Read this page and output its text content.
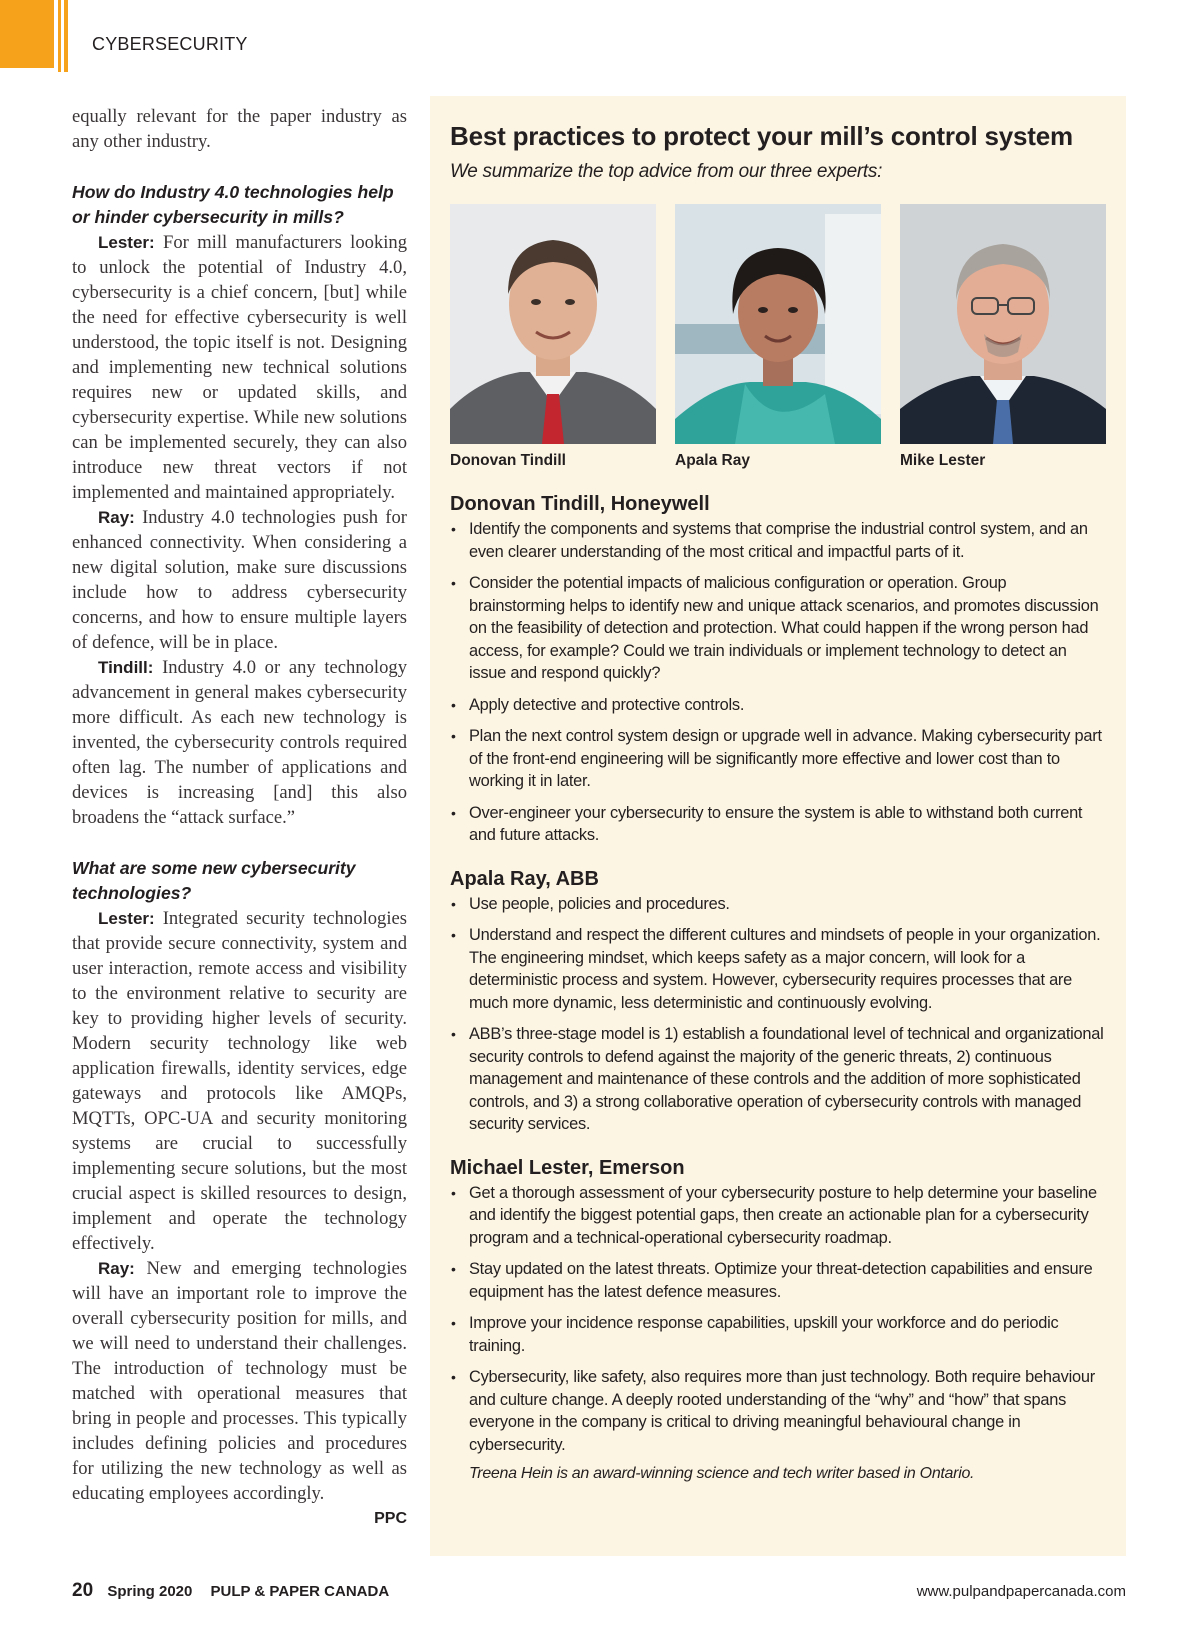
CYBERSECURITY

equally relevant for the paper industry as any other industry.

How do Industry 4.0 technologies help or hinder cybersecurity in mills?

Lester: For mill manufacturers looking to unlock the potential of Industry 4.0, cybersecurity is a chief concern, [but] while the need for effective cybersecurity is well understood, the topic itself is not. Designing and implementing new technical solutions requires new or updated skills, and cybersecurity expertise. While new solutions can be implemented securely, they can also introduce new threat vectors if not implemented and maintained appropriately.

Ray: Industry 4.0 technologies push for enhanced connectivity. When considering a new digital solution, make sure discussions include how to address cybersecurity concerns, and how to ensure multiple layers of defence, will be in place.

Tindill: Industry 4.0 or any technology advancement in general makes cybersecurity more difficult. As each new technology is invented, the cybersecurity controls required often lag. The number of applications and devices is increasing [and] this also broadens the “attack surface.”

What are some new cybersecurity technologies?

Lester: Integrated security technologies that provide secure connectivity, system and user interaction, remote access and visibility to the environment relative to security are key to providing higher levels of security. Modern security technology like web application firewalls, identity services, edge gateways and protocols like AMQPs, MQTTs, OPC-UA and security monitoring systems are crucial to successfully implementing secure solutions, but the most crucial aspect is skilled resources to design, implement and operate the technology effectively.

Ray: New and emerging technologies will have an important role to improve the overall cybersecurity position for mills, and we will need to understand their challenges. The introduction of technology must be matched with operational measures that bring in people and processes. This typically includes defining policies and procedures for utilizing the new technology as well as educating employees accordingly.

PPC
Best practices to protect your mill’s control system
We summarize the top advice from our three experts:
Donovan Tindill	Apala Ray	Mike Lester
Donovan Tindill, Honeywell
• Identify the components and systems that comprise the industrial control system, and an even clearer understanding of the most critical and impactful parts of it.
• Consider the potential impacts of malicious configuration or operation. Group brainstorming helps to identify new and unique attack scenarios, and promotes discussion on the feasibility of detection and protection. What could happen if the wrong person had access, for example? Could we train individuals or implement technology to detect an issue and respond quickly?
• Apply detective and protective controls.
• Plan the next control system design or upgrade well in advance. Making cybersecurity part of the front-end engineering will be significantly more effective and lower cost than to working it in later.
• Over-engineer your cybersecurity to ensure the system is able to withstand both current and future attacks.
Apala Ray, ABB
• Use people, policies and procedures.
• Understand and respect the different cultures and mindsets of people in your organization. The engineering mindset, which keeps safety as a major concern, will look for a deterministic process and system. However, cybersecurity requires processes that are much more dynamic, less deterministic and continuously evolving.
• ABB’s three-stage model is 1) establish a foundational level of technical and organizational security controls to defend against the majority of the generic threats, 2) continuous management and maintenance of these controls and the addition of more sophisticated controls, and 3) a strong collaborative operation of cybersecurity controls with managed security services.
Michael Lester, Emerson
• Get a thorough assessment of your cybersecurity posture to help determine your baseline and identify the biggest potential gaps, then create an actionable plan for a cybersecurity program and a technical-operational cybersecurity roadmap.
• Stay updated on the latest threats. Optimize your threat-detection capabilities and ensure equipment has the latest defence measures.
• Improve your incidence response capabilities, upskill your workforce and do periodic training.
• Cybersecurity, like safety, also requires more than just technology. Both require behaviour and culture change. A deeply rooted understanding of the “why” and “how” that spans everyone in the company is critical to driving meaningful behavioural change in cybersecurity.
Treena Hein is an award-winning science and tech writer based in Ontario.
20 Spring 2020 PULP & PAPER CANADA	www.pulpandpapercanada.com
